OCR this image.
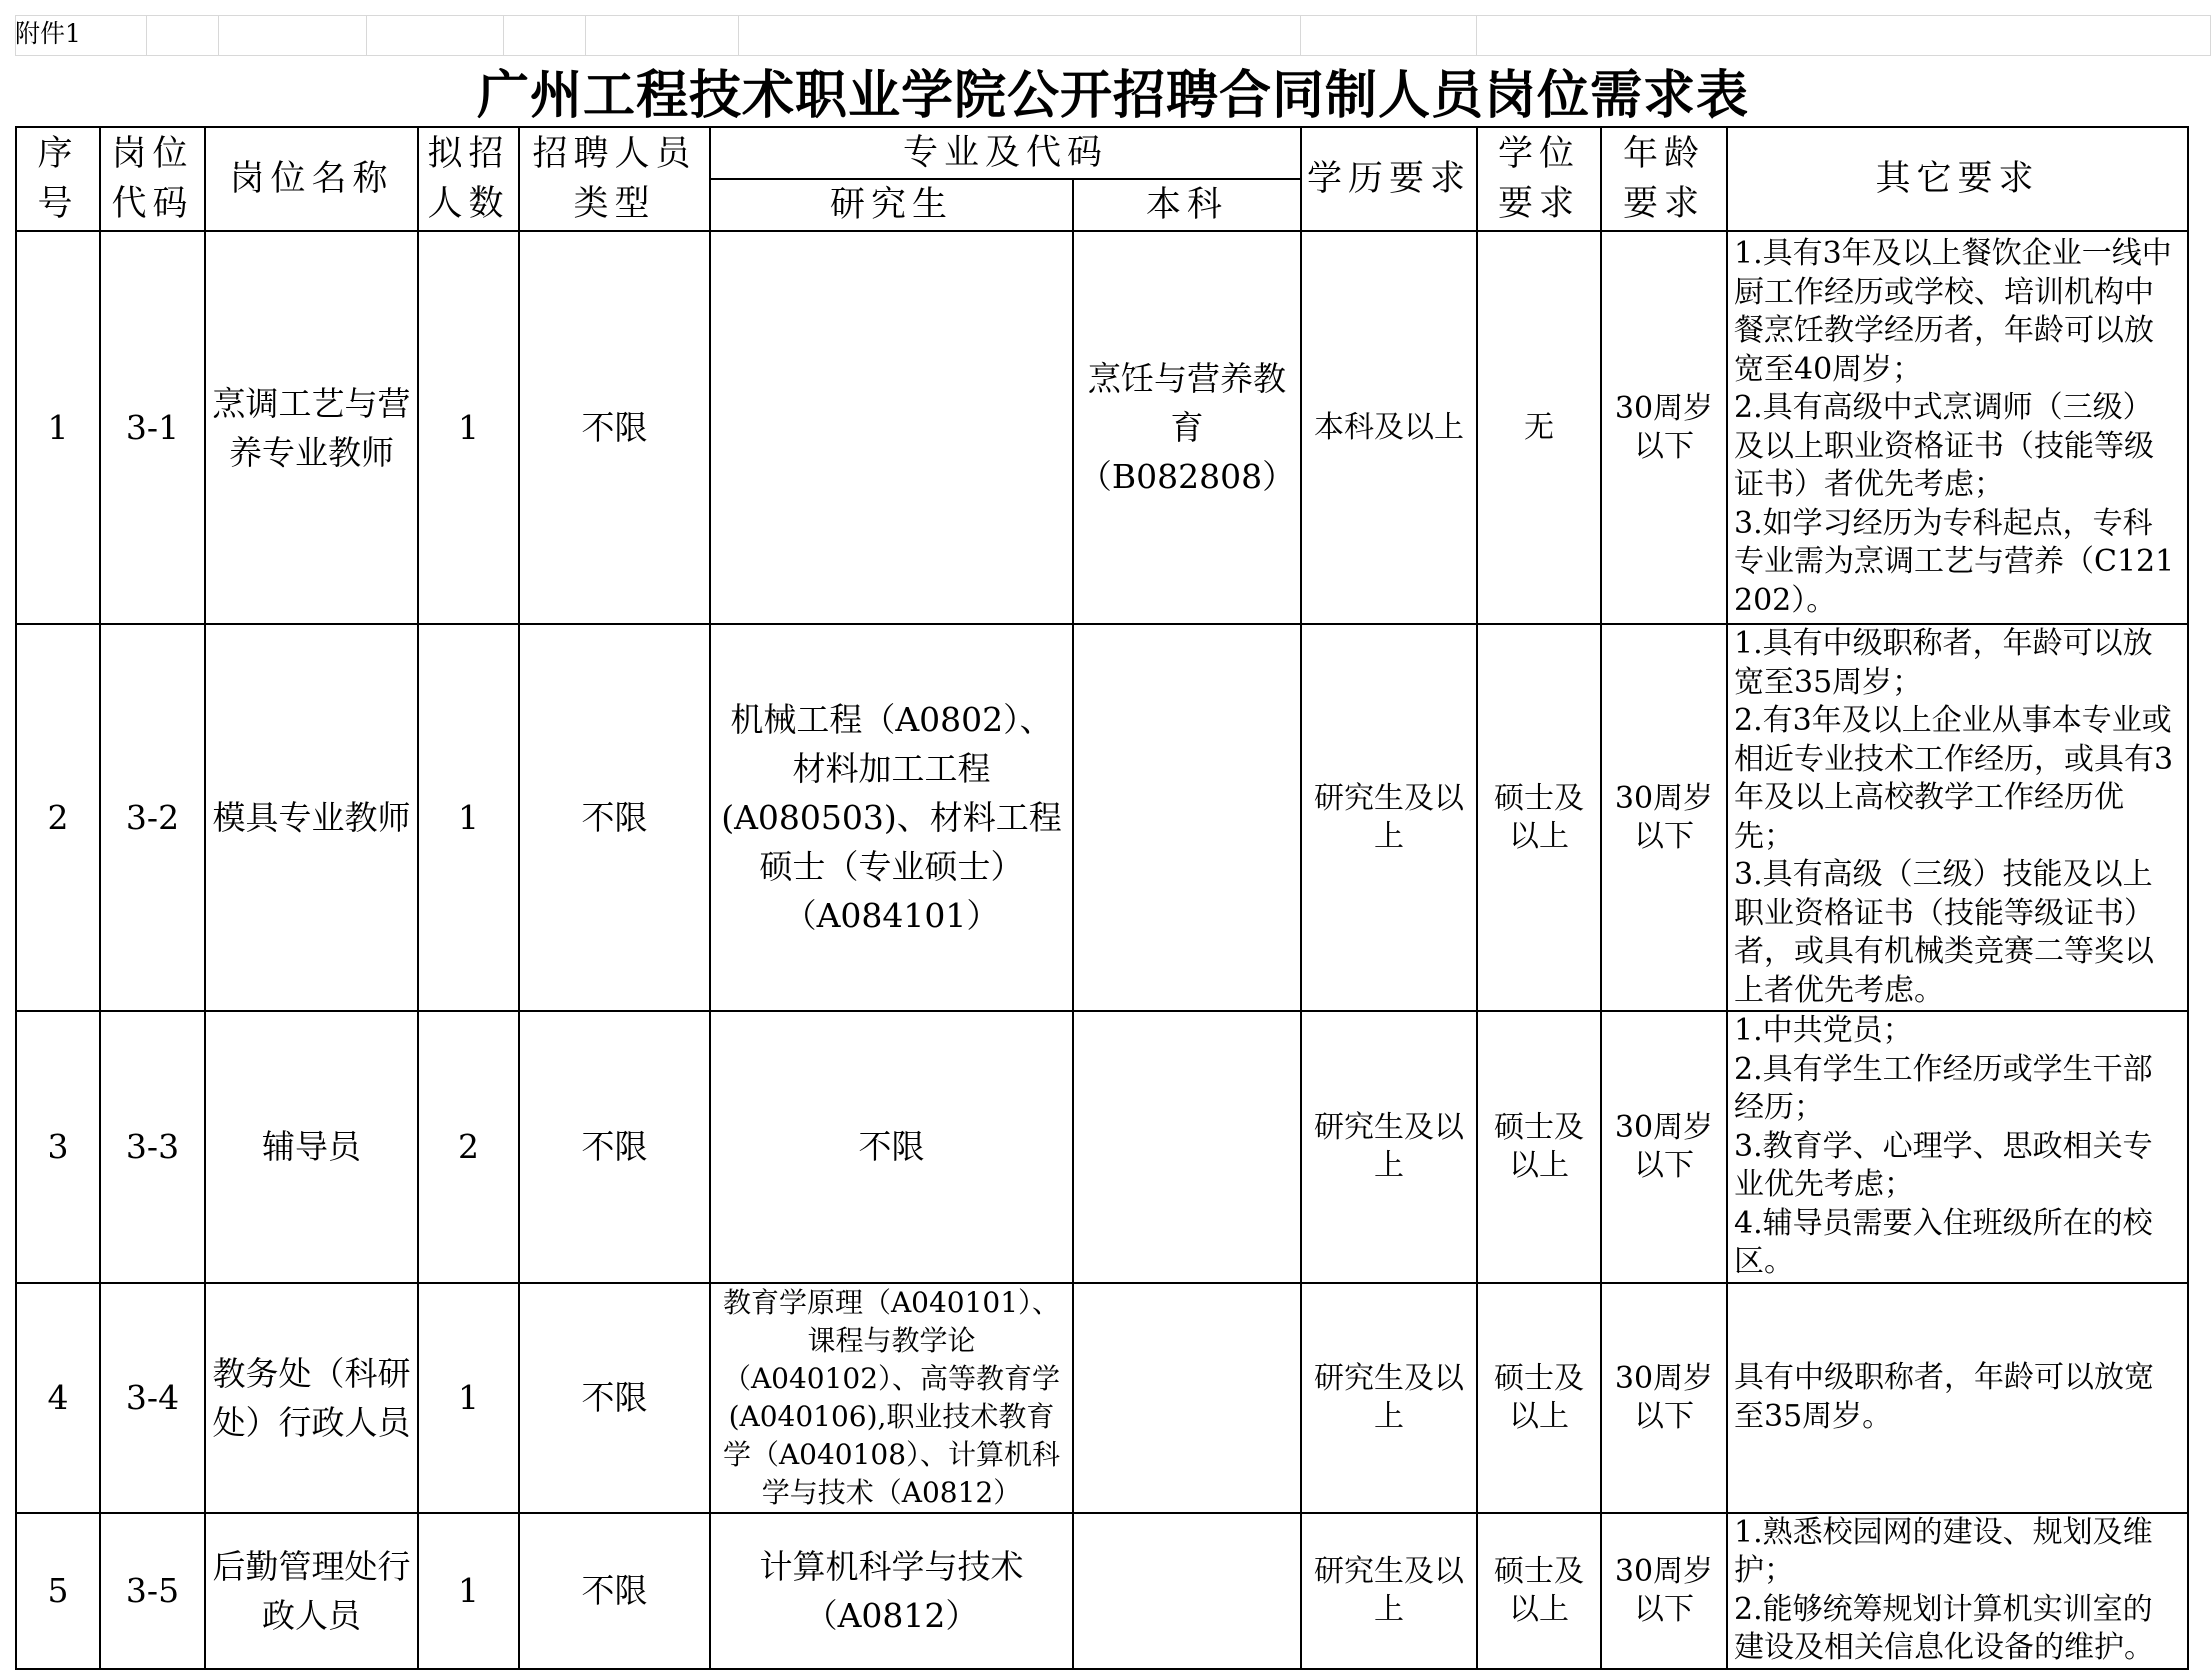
附件1
广州工程技术职业学院公开招聘合同制人员岗位需求表
序号	岗位代码	岗位名称	拟招人数	招聘人员类型	专业及代码		学历要求	学位要求	年龄要求	其它要求
					研究生	本科				
1	3-1	烹调工艺与营养专业教师	1	不限		烹饪与营养教育（B082808）	本科及以上	无	30周岁以下	1.具有3年及以上餐饮企业一线中厨工作经历或学校、培训机构中餐烹饪教学经历者，年龄可以放宽至40周岁；
2.具有高级中式烹调师（三级）及以上职业资格证书（技能等级证书）者优先考虑；
3.如学习经历为专科起点，专科专业需为烹调工艺与营养（C121202）。
2	3-2	模具专业教师	1	不限	机械工程（A0802）、材料加工工程(A080503)、材料工程硕士（专业硕士）（A084101）		研究生及以上	硕士及以上	30周岁以下	1.具有中级职称者，年龄可以放宽至35周岁；
2.有3年及以上企业从事本专业或相近专业技术工作经历，或具有3年及以上高校教学工作经历优先；
3.具有高级（三级）技能及以上职业资格证书（技能等级证书）者，或具有机械类竞赛二等奖以上者优先考虑。
3	3-3	辅导员	2	不限	不限		研究生及以上	硕士及以上	30周岁以下	1.中共党员；
2.具有学生工作经历或学生干部经历；
3.教育学、心理学、思政相关专业优先考虑；
4.辅导员需要入住班级所在的校区。
4	3-4	教务处（科研处）行政人员	1	不限	教育学原理（A040101）、课程与教学论（A040102）、高等教育学(A040106),职业技术教育学（A040108）、计算机科学与技术（A0812）		研究生及以上	硕士及以上	30周岁以下	具有中级职称者，年龄可以放宽至35周岁。
5	3-5	后勤管理处行政人员	1	不限	计算机科学与技术（A0812）		研究生及以上	硕士及以上	30周岁以下	1.熟悉校园网的建设、规划及维护；
2.能够统筹规划计算机实训室的建设及相关信息化设备的维护。
